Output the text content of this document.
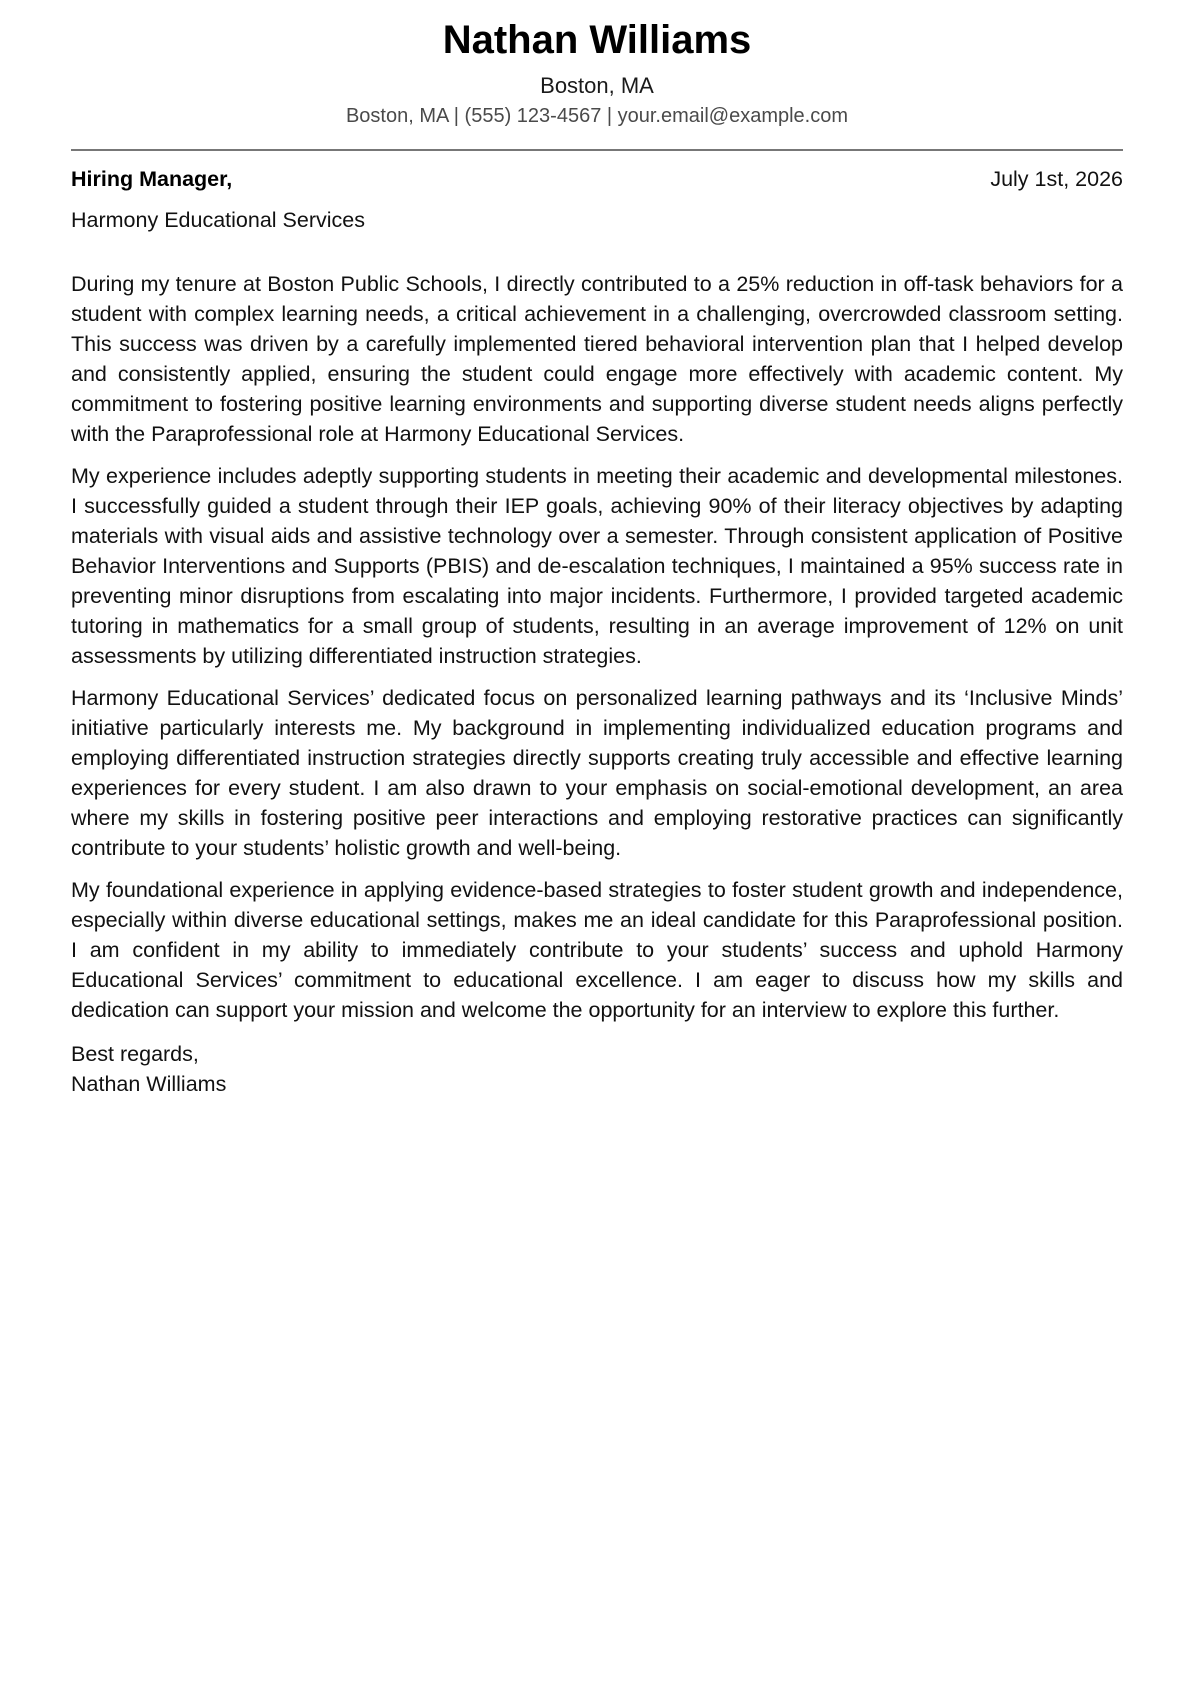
Nathan Williams
Boston, MA
Boston, MA | (555) 123-4567 | your.email@example.com
Hiring Manager,	July 1st, 2026
Harmony Educational Services

During my tenure at Boston Public Schools, I directly contributed to a 25% reduction in off-task behaviors for a student with complex learning needs, a critical achievement in a challenging, overcrowded classroom setting. This success was driven by a carefully implemented tiered behavioral intervention plan that I helped develop and consistently applied, ensuring the student could engage more effectively with academic content. My commitment to fostering positive learning environments and supporting diverse student needs aligns perfectly with the Paraprofessional role at Harmony Educational Services.

My experience includes adeptly supporting students in meeting their academic and developmental milestones. I successfully guided a student through their IEP goals, achieving 90% of their literacy objectives by adapting materials with visual aids and assistive technology over a semester. Through consistent application of Positive Behavior Interventions and Supports (PBIS) and de-escalation techniques, I maintained a 95% success rate in preventing minor disruptions from escalating into major incidents. Furthermore, I provided targeted academic tutoring in mathematics for a small group of students, resulting in an average improvement of 12% on unit assessments by utilizing differentiated instruction strategies.

Harmony Educational Services’ dedicated focus on personalized learning pathways and its ‘Inclusive Minds’ initiative particularly interests me. My background in implementing individualized education programs and employing differentiated instruction strategies directly supports creating truly accessible and effective learning experiences for every student. I am also drawn to your emphasis on social-emotional development, an area where my skills in fostering positive peer interactions and employing restorative practices can significantly contribute to your students’ holistic growth and well-being.

My foundational experience in applying evidence-based strategies to foster student growth and independence, especially within diverse educational settings, makes me an ideal candidate for this Paraprofessional position. I am confident in my ability to immediately contribute to your students’ success and uphold Harmony Educational Services’ commitment to educational excellence. I am eager to discuss how my skills and dedication can support your mission and welcome the opportunity for an interview to explore this further.

Best regards,
Nathan Williams
